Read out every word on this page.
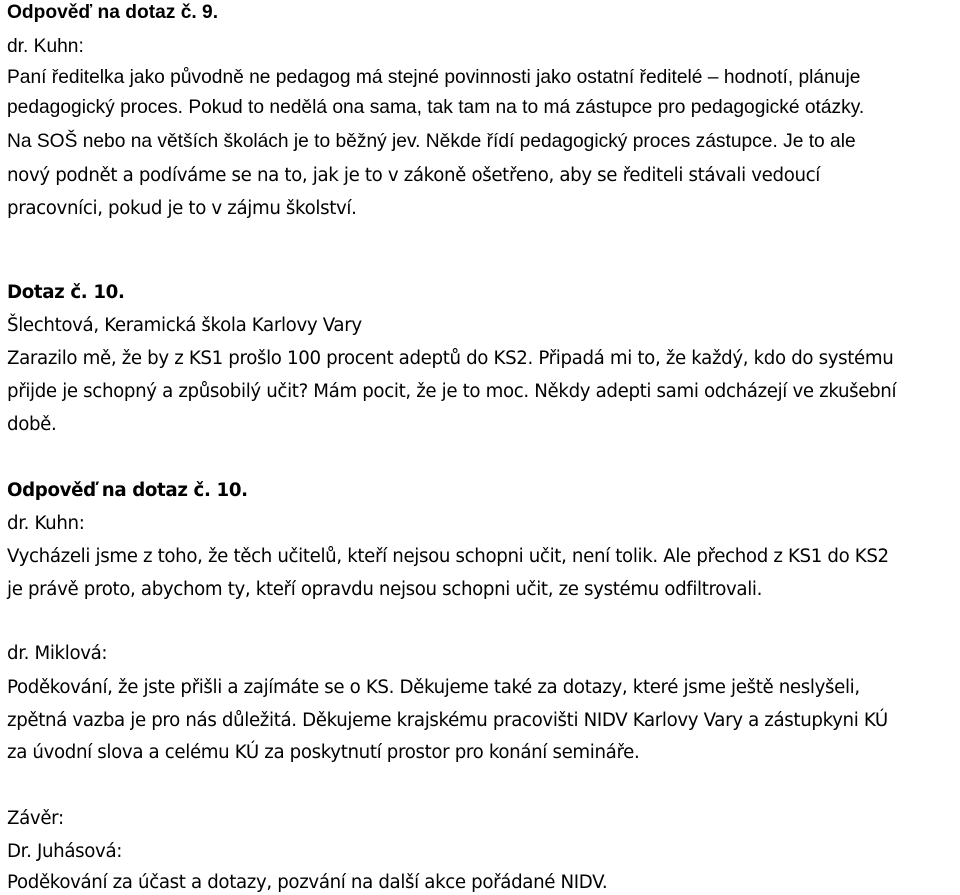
Odpověď na dotaz č. 9.
dr. Kuhn:
Paní ředitelka jako původně ne pedagog má stejné povinnosti jako ostatní ředitelé – hodnotí, plánuje
pedagogický proces. Pokud to nedělá ona sama, tak tam na to má zástupce pro pedagogické otázky.
Na SOŠ nebo na větších školách je to běžný jev. Někde řídí pedagogický proces zástupce. Je to ale
nový podnět a podíváme se na to, jak je to v zákoně ošetřeno, aby se řediteli stávali vedoucí
pracovníci, pokud je to v zájmu školství.
Dotaz č. 10.
Šlechtová, Keramická škola Karlovy Vary
Zarazilo mě, že by z KS1 prošlo 100 procent adeptů do KS2. Připadá mi to, že každý, kdo do systému
přijde je schopný a způsobilý učit? Mám pocit, že je to moc. Někdy adepti sami odcházejí ve zkušební
době.
Odpověď na dotaz č. 10.
dr. Kuhn:
Vycházeli jsme z toho, že těch učitelů, kteří nejsou schopni učit, není tolik. Ale přechod z KS1 do KS2
je právě proto, abychom ty, kteří opravdu nejsou schopni učit, ze systému odfiltrovali.
dr. Miklová:
Poděkování, že jste přišli a zajímáte se o KS. Děkujeme také za dotazy, které jsme ještě neslyšeli,
zpětná vazba je pro nás důležitá. Děkujeme krajskému pracovišti NIDV Karlovy Vary a zástupkyni KÚ
za úvodní slova a celému KÚ za poskytnutí prostor pro konání semináře.
Závěr:
Dr. Juhásová:
Poděkování za účast a dotazy, pozvání na další akce pořádané NIDV.
